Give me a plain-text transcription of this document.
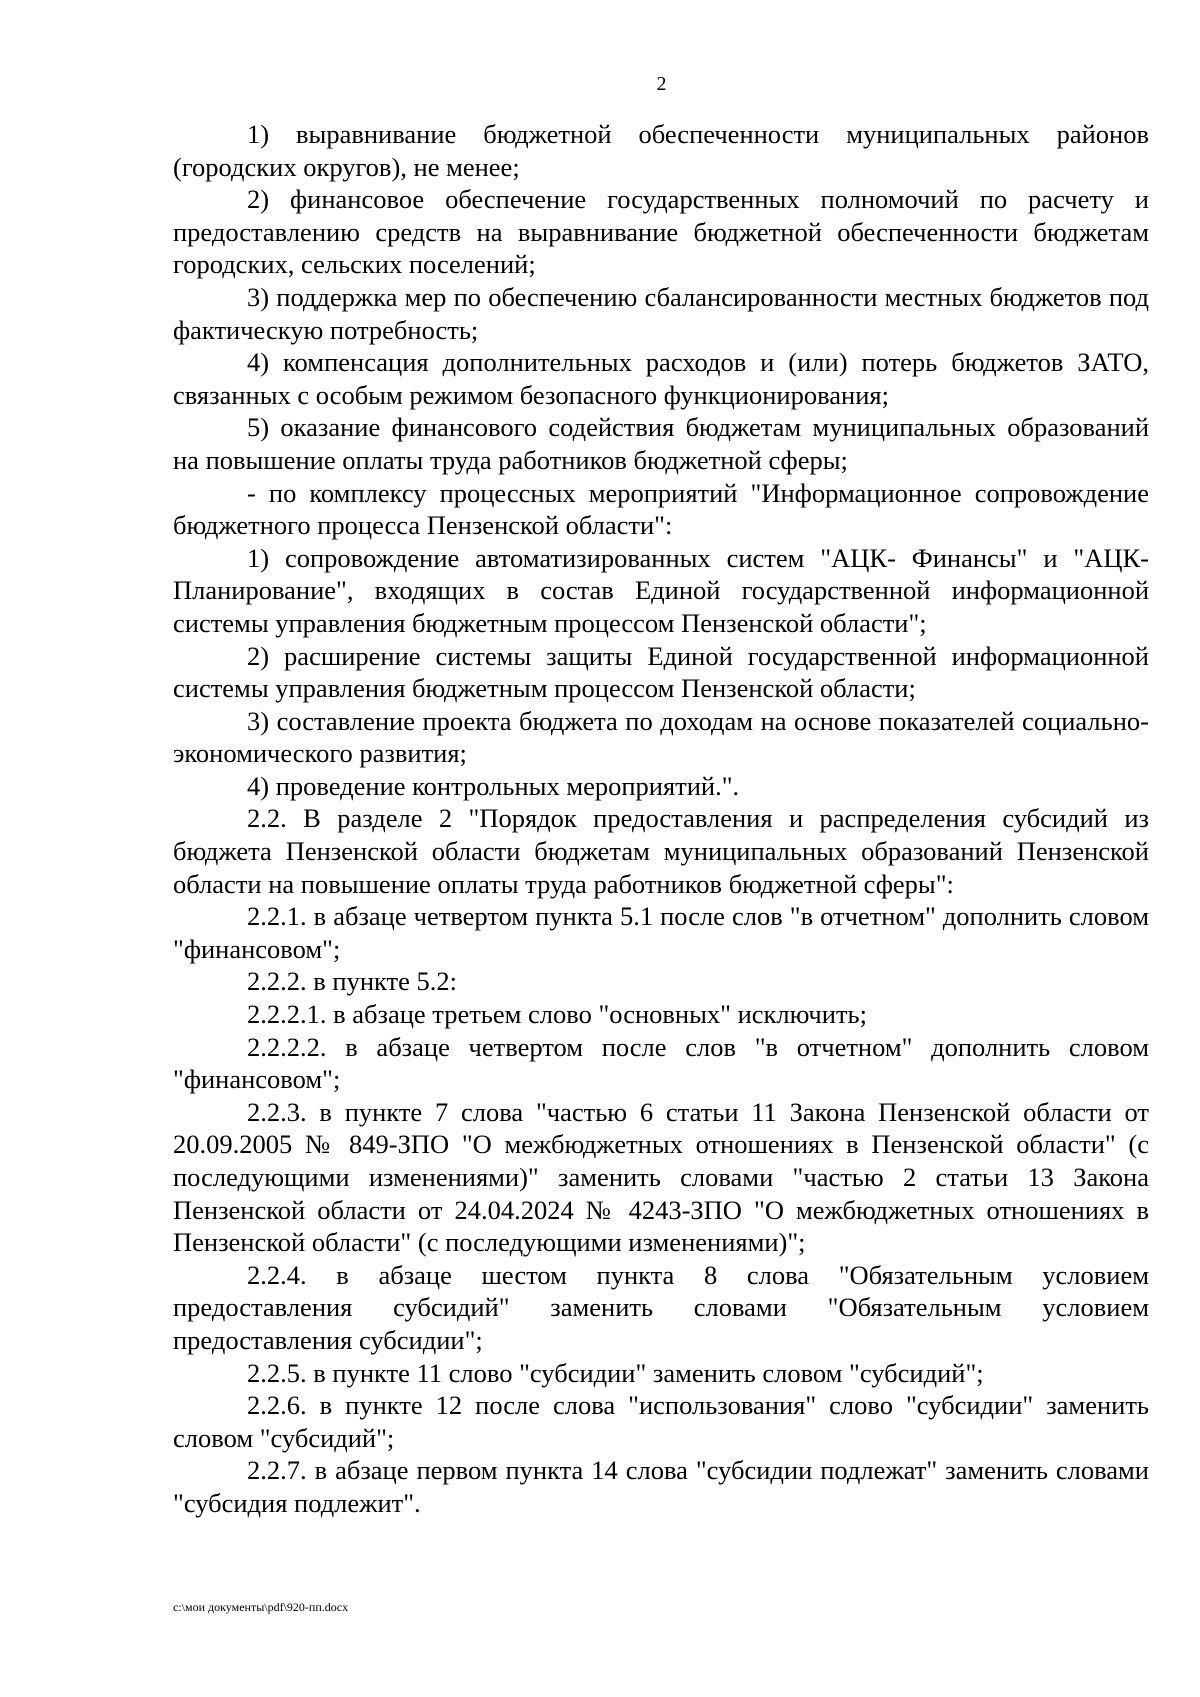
2

1) выравнивание бюджетной обеспеченности муниципальных районов (городских округов), не менее;

2) финансовое обеспечение государственных полномочий по расчету и предоставлению средств на выравнивание бюджетной обеспеченности бюджетам городских, сельских поселений;

3) поддержка мер по обеспечению сбалансированности местных бюджетов под фактическую потребность;

4) компенсация дополнительных расходов и (или) потерь бюджетов ЗАТО, связанных с особым режимом безопасного функционирования;

5) оказание финансового содействия бюджетам муниципальных образований на повышение оплаты труда работников бюджетной сферы;

- по комплексу процессных мероприятий "Информационное сопровождение бюджетного процесса Пензенской области":

1) сопровождение автоматизированных систем "АЦК- Финансы" и "АЦК-Планирование", входящих в состав Единой государственной информационной системы управления бюджетным процессом Пензенской области";

2) расширение системы защиты Единой государственной информационной системы управления бюджетным процессом Пензенской области;

3) составление проекта бюджета по доходам на основе показателей социально-экономического развития;

4) проведение контрольных мероприятий.".

2.2. В разделе 2 "Порядок предоставления и распределения субсидий из бюджета Пензенской области бюджетам муниципальных образований Пензенской области на повышение оплаты труда работников бюджетной сферы":

2.2.1. в абзаце четвертом пункта 5.1 после слов "в отчетном" дополнить словом "финансовом";

2.2.2. в пункте 5.2:

2.2.2.1. в абзаце третьем слово "основных" исключить;

2.2.2.2. в абзаце четвертом после слов "в отчетном" дополнить словом "финансовом";

2.2.3. в пункте 7 слова "частью 6 статьи 11 Закона Пензенской области от 20.09.2005 № 849-ЗПО "О межбюджетных отношениях в Пензенской области" (с последующими изменениями)" заменить словами "частью 2 статьи 13 Закона Пензенской области от 24.04.2024 № 4243-ЗПО "О межбюджетных отношениях в Пензенской области" (с последующими изменениями)";

2.2.4. в абзаце шестом пункта 8 слова "Обязательным условием предоставления субсидий" заменить словами "Обязательным условием предоставления субсидии";

2.2.5. в пункте 11 слово "субсидии" заменить словом "субсидий";

2.2.6. в пункте 12 после слова "использования" слово "субсидии" заменить словом "субсидий";

2.2.7. в абзаце первом пункта 14 слова "субсидии подлежат" заменить словами "субсидия подлежит".

c:\мои документы\pdf\920-пп.docx
